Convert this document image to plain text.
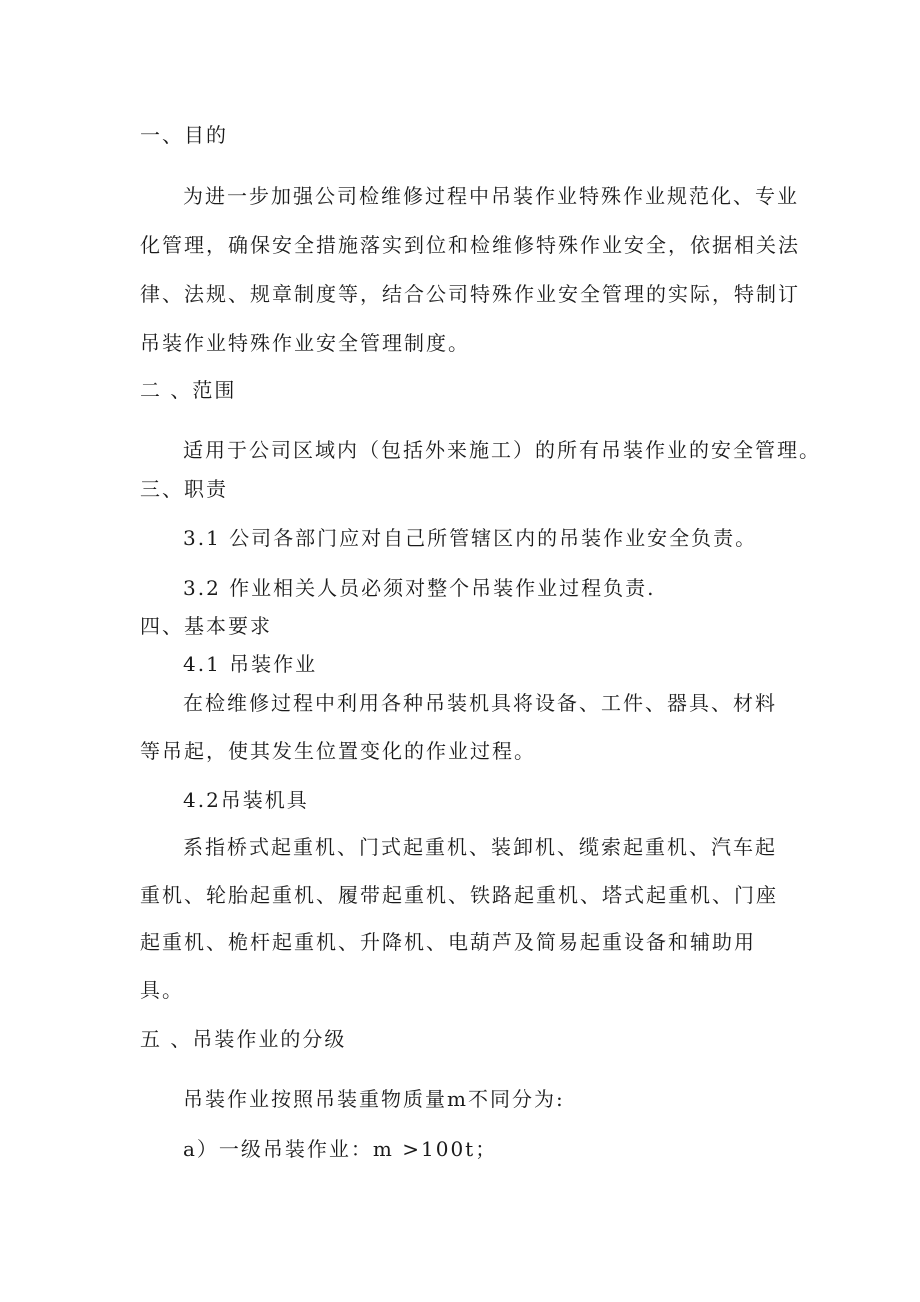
一、目的
为进一步加强公司检维修过程中吊装作业特殊作业规范化、专业
化管理，确保安全措施落实到位和检维修特殊作业安全，依据相关法
律、法规、规章制度等，结合公司特殊作业安全管理的实际，特制订
吊装作业特殊作业安全管理制度。
二 、范围
适用于公司区域内（包括外来施工）的所有吊装作业的安全管理。
三、职责
3.1 公司各部门应对自己所管辖区内的吊装作业安全负责。
3.2 作业相关人员必须对整个吊装作业过程负责.
四、基本要求
4.1 吊装作业
在检维修过程中利用各种吊装机具将设备、工件、器具、材料
等吊起，使其发生位置变化的作业过程。
4.2吊装机具
系指桥式起重机、门式起重机、装卸机、缆索起重机、汽车起
重机、轮胎起重机、履带起重机、铁路起重机、塔式起重机、门座
起重机、桅杆起重机、升降机、电葫芦及简易起重设备和辅助用
具。
五 、吊装作业的分级
吊装作业按照吊装重物质量m不同分为:
a）一级吊装作业：m >100t；
